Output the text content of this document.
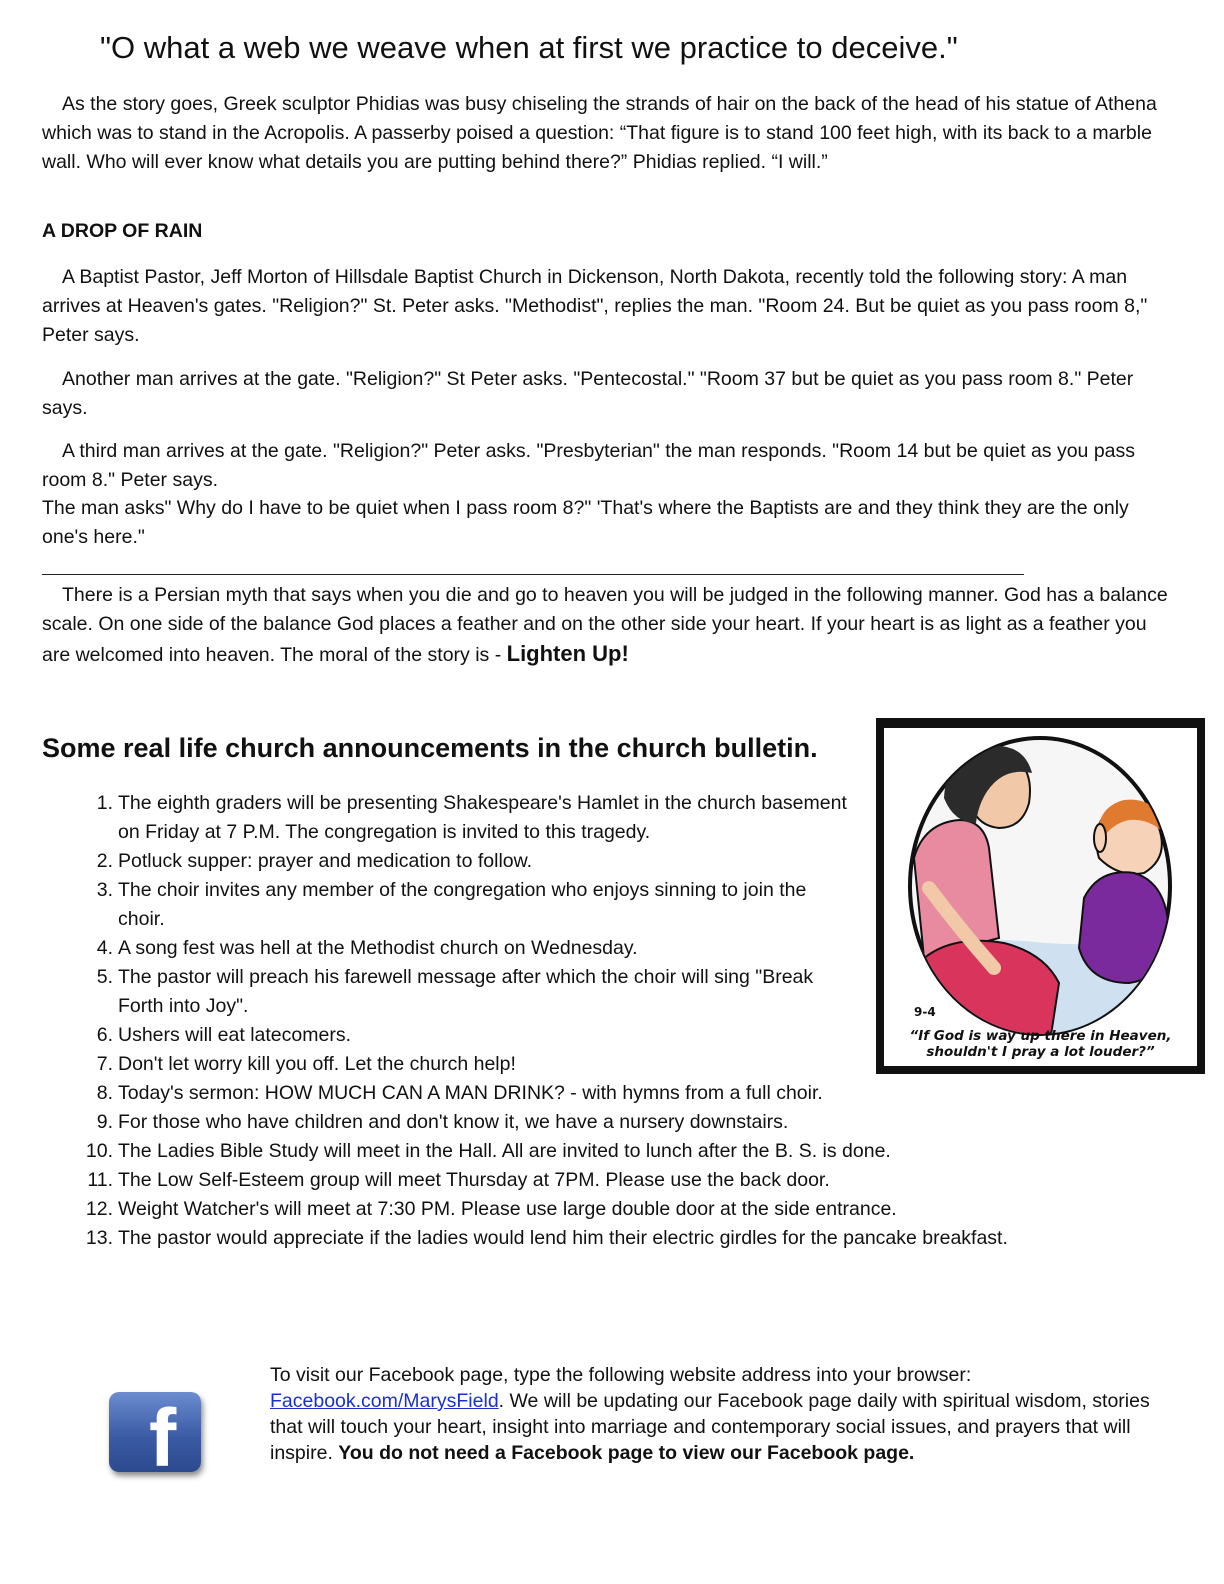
"O what a web we weave when at first we practice to deceive."

As the story goes, Greek sculptor Phidias was busy chiseling the strands of hair on the back of the head of his statue of Athena which was to stand in the Acropolis. A passerby poised a question: “That figure is to stand 100 feet high, with its back to a marble wall. Who will ever know what details you are putting behind there?” Phidias replied. “I will.”

A DROP OF RAIN

A Baptist Pastor, Jeff Morton of Hillsdale Baptist Church in Dickenson, North Dakota, recently told the following story: A man arrives at Heaven's gates. "Religion?" St. Peter asks. "Methodist", replies the man. "Room 24. But be quiet as you pass room 8," Peter says.

Another man arrives at the gate. "Religion?" St Peter asks. "Pentecostal." "Room 37 but be quiet as you pass room 8." Peter says.

A third man arrives at the gate. "Religion?" Peter asks. "Presbyterian" the man responds. "Room 14 but be quiet as you pass room 8." Peter says.

The man asks" Why do I have to be quiet when I pass room 8?" 'That's where the Baptists are and they think they are the only one's here."

There is a Persian myth that says when you die and go to heaven you will be judged in the following manner. God has a balance scale. On one side of the balance God places a feather and on the other side your heart. If your heart is as light as a feather you are welcomed into heaven. The moral of the story is - Lighten Up!

Some real life church announcements in the church bulletin.
1. The eighth graders will be presenting Shakespeare's Hamlet in the church basement on Friday at 7 P.M. The congregation is invited to this tragedy.
2. Potluck supper: prayer and medication to follow.
3. The choir invites any member of the congregation who enjoys sinning to join the choir.
4. A song fest was hell at the Methodist church on Wednesday.
5. The pastor will preach his farewell message after which the choir will sing "Break Forth into Joy".
6. Ushers will eat latecomers.
7. Don't let worry kill you off. Let the church help!
8. Today's sermon: HOW MUCH CAN A MAN DRINK? - with hymns from a full choir.
9. For those who have children and don't know it, we have a nursery downstairs.
10. The Ladies Bible Study will meet in the Hall. All are invited to lunch after the B. S. is done.
11. The Low Self-Esteem group will meet Thursday at 7PM. Please use the back door.
12. Weight Watcher's will meet at 7:30 PM. Please use large double door at the side entrance.
13. The pastor would appreciate if the ladies would lend him their electric girdles for the pancake breakfast.
9-4
“If God is way up there in Heaven,
shouldn't I pray a lot louder?”
f
To visit our Facebook page, type the following website address into your browser:
Facebook.com/MarysField. We will be updating our Facebook page daily with spiritual wisdom, stories that will touch your heart, insight into marriage and contemporary social issues, and prayers that will inspire. You do not need a Facebook page to view our Facebook page.
